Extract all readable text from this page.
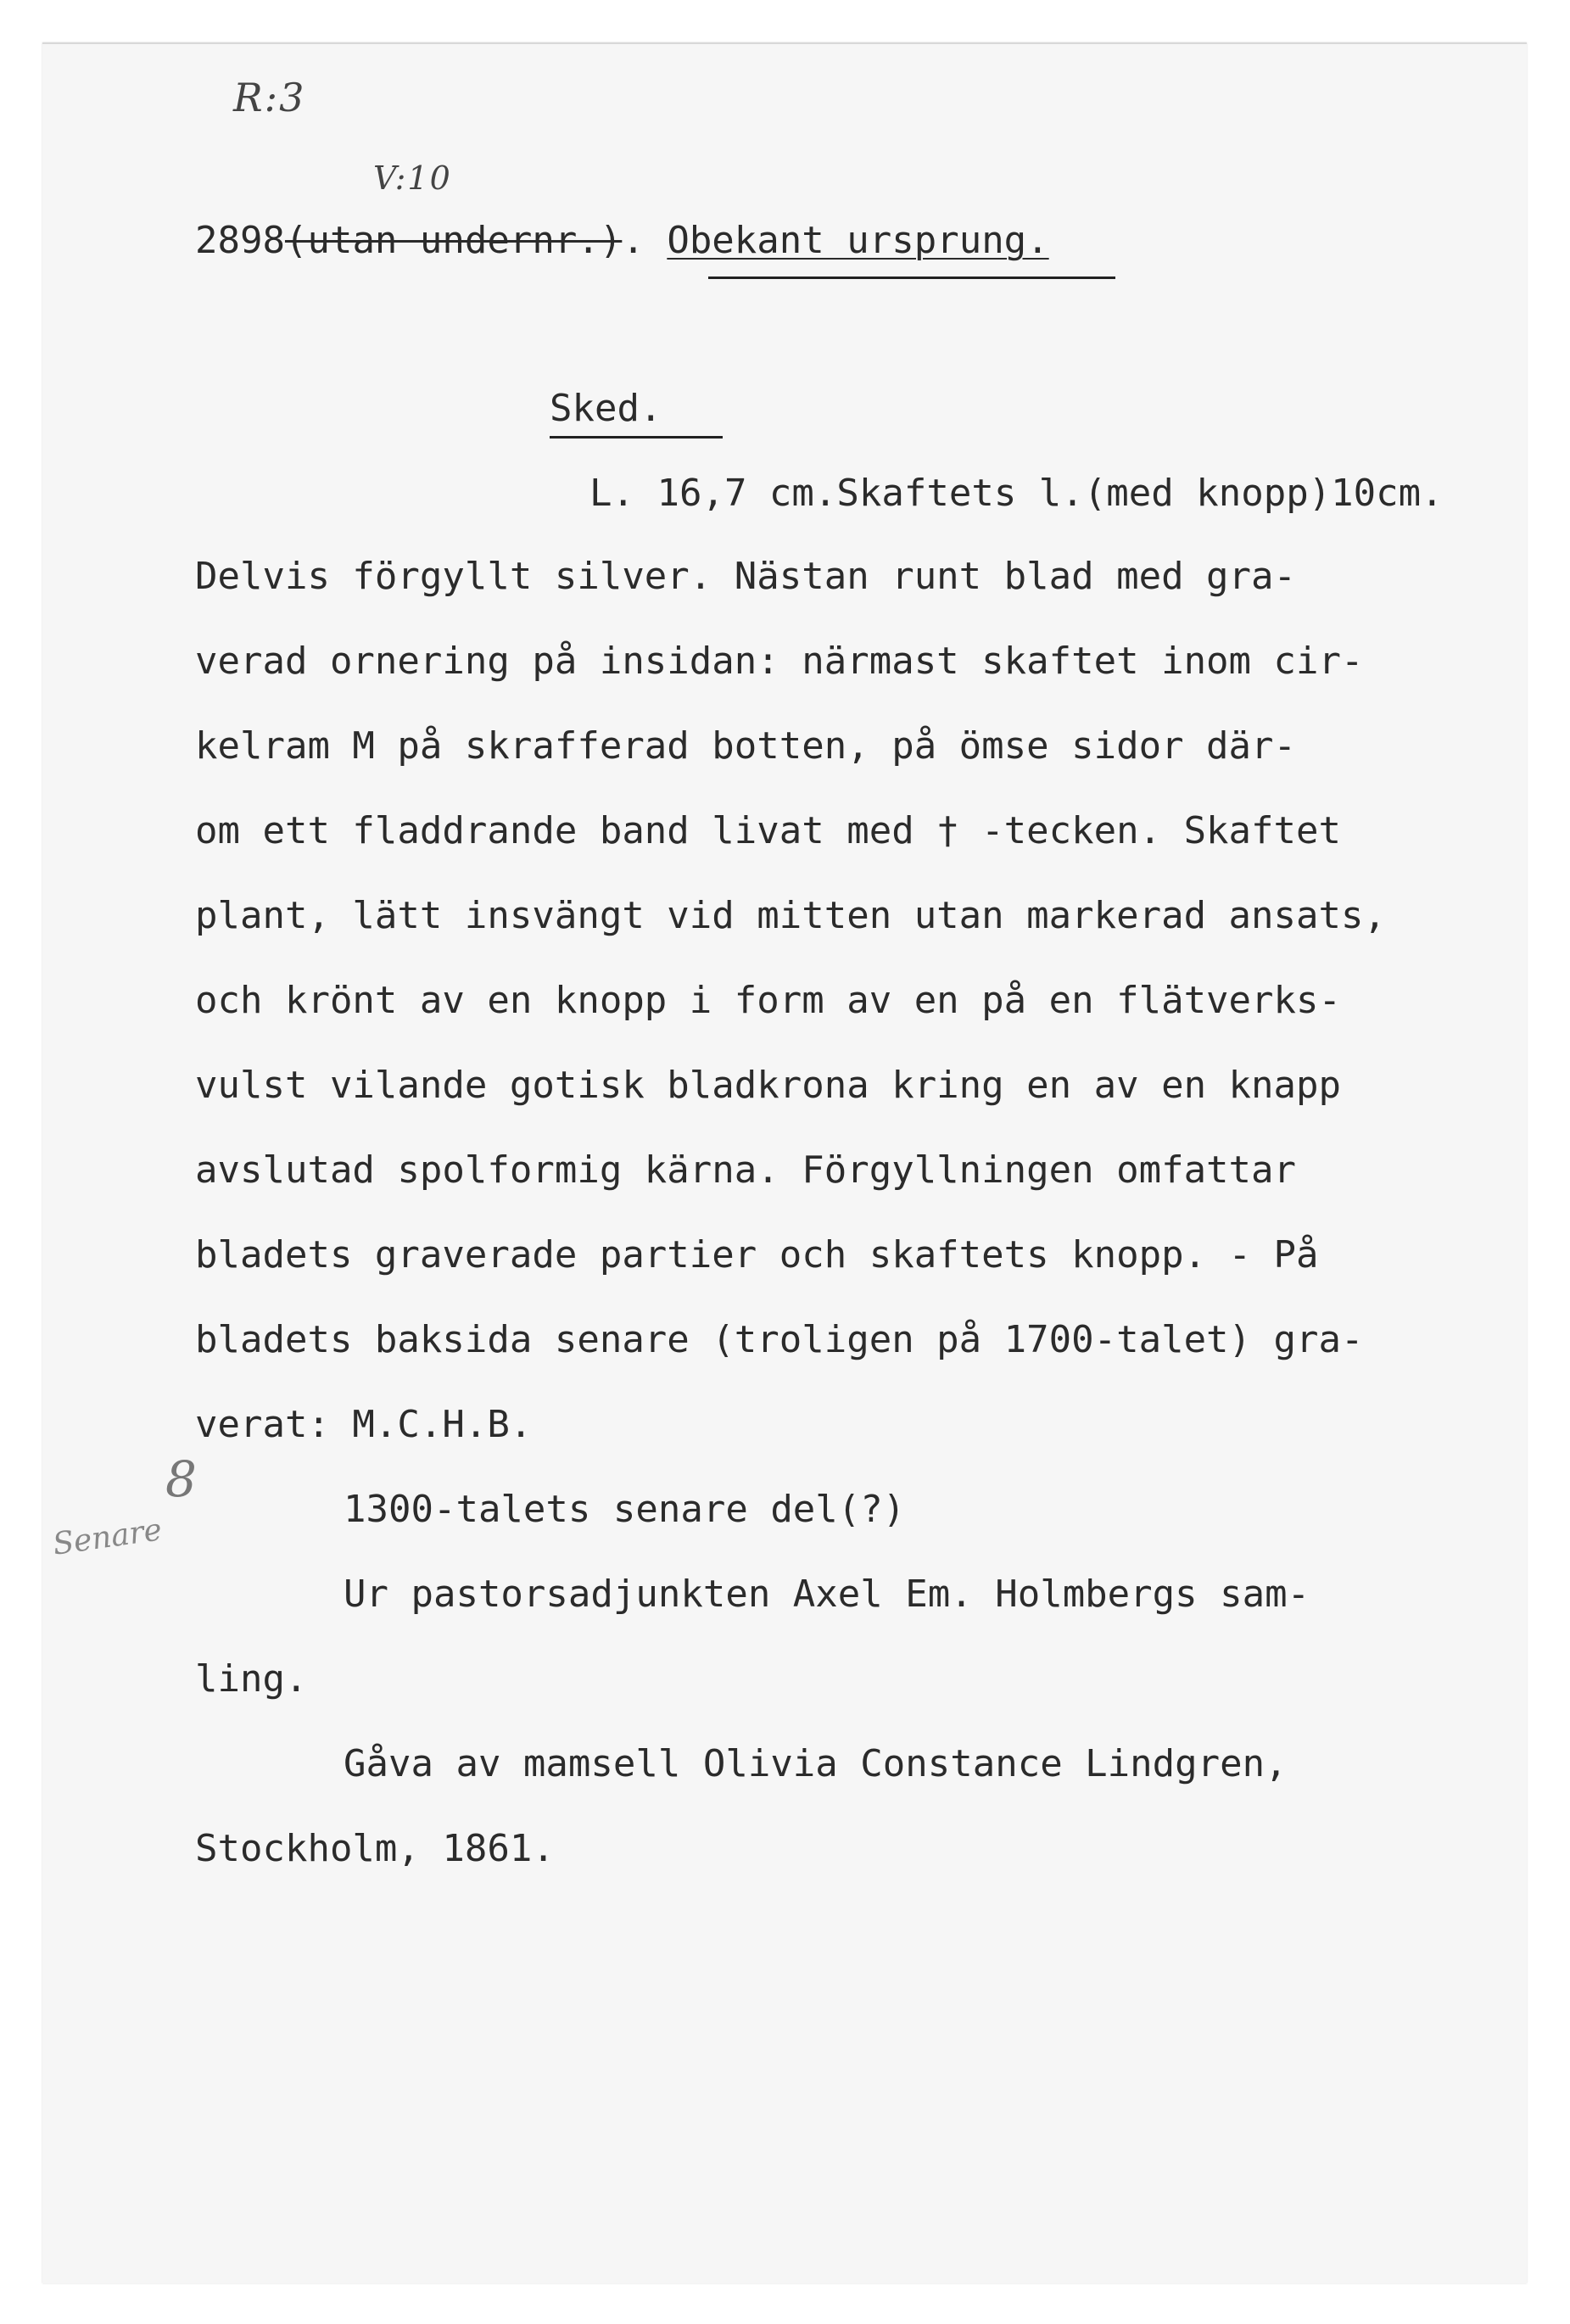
R:3
V:10
2898(utan undernr.). Obekant ursprung.
Sked.
L. 16,7 cm.Skaftets l.(med knopp)10cm.
Delvis förgyllt silver. Nästan runt blad med gra-
verad ornering på insidan: närmast skaftet inom cir-
kelram M på skrafferad botten, på ömse sidor där-
om ett fladdrande band livat med † -tecken. Skaftet
plant, lätt insvängt vid mitten utan markerad ansats,
och krönt av en knopp i form av en på en flätverks-
vulst vilande gotisk bladkrona kring en av en knapp
avslutad spolformig kärna. Förgyllningen omfattar
bladets graverade partier och skaftets knopp. - På
bladets baksida senare (troligen på 1700-talet) gra-
verat: M.C.H.B.
8
Senare
1300-talets senare del(?)
Ur pastorsadjunkten Axel Em. Holmbergs sam-
ling.
Gåva av mamsell Olivia Constance Lindgren,
Stockholm, 1861.
